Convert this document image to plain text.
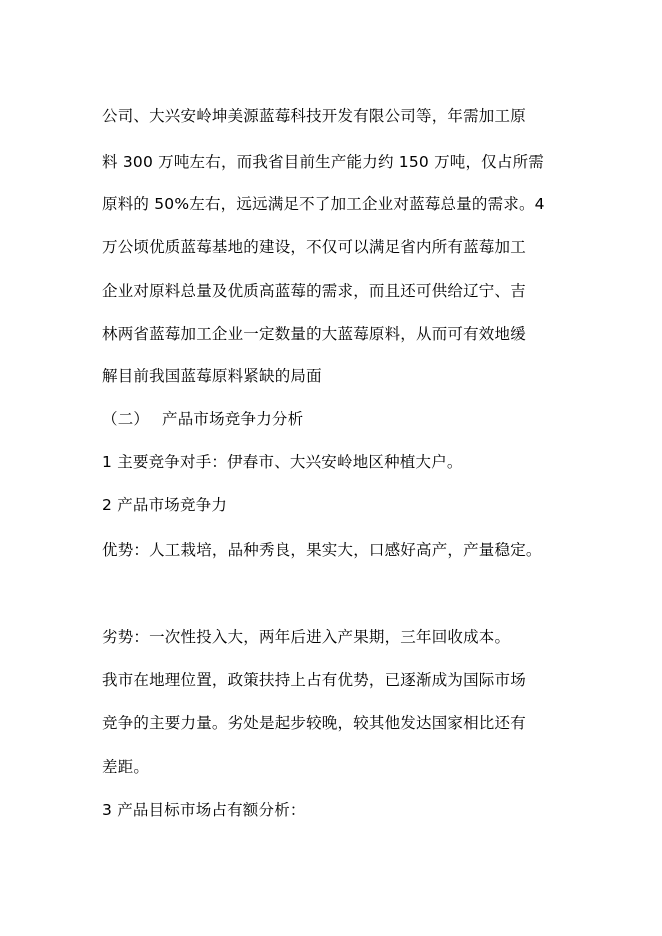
公司、大兴安岭坤美源蓝莓科技开发有限公司等，年需加工原
料 300 万吨左右，而我省目前生产能力约 150 万吨，仅占所需
原料的 50%左右，远远满足不了加工企业对蓝莓总量的需求。4
万公顷优质蓝莓基地的建设，不仅可以满足省内所有蓝莓加工
企业对原料总量及优质高蓝莓的需求，而且还可供给辽宁、吉
林两省蓝莓加工企业一定数量的大蓝莓原料，从而可有效地缓
解目前我国蓝莓原料紧缺的局面
（二） 产品市场竞争力分析
1 主要竞争对手：伊春市、大兴安岭地区种植大户。
2 产品市场竞争力
优势：人工栽培，品种秀良，果实大，口感好高产，产量稳定。
劣势：一次性投入大，两年后进入产果期，三年回收成本。
我市在地理位置，政策扶持上占有优势，已逐渐成为国际市场
竞争的主要力量。劣处是起步较晚，较其他发达国家相比还有
差距。
3 产品目标市场占有额分析：
